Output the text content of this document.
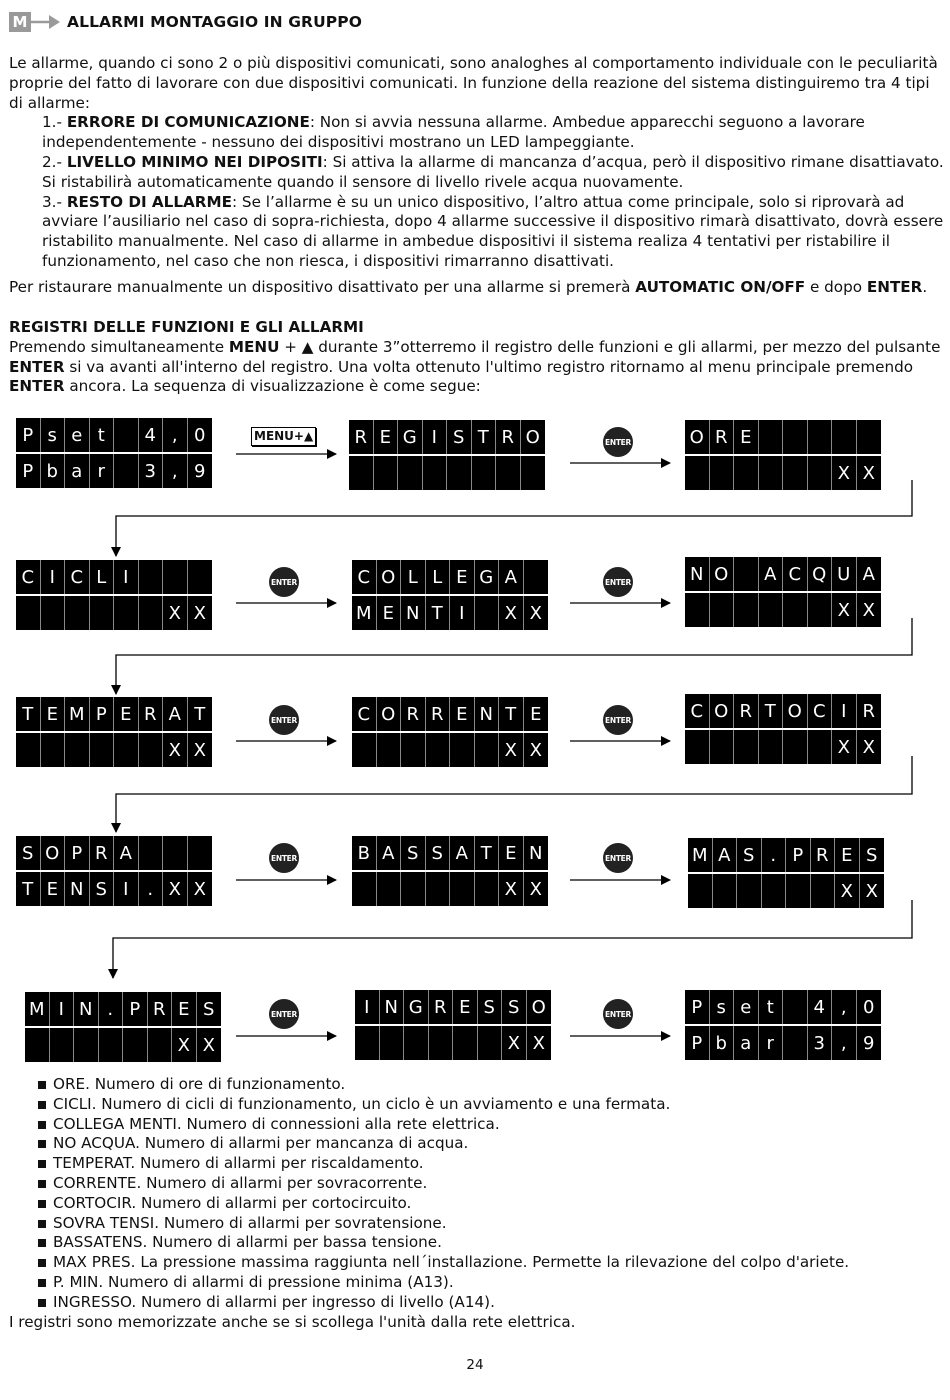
M	ALLARMI MONTAGGIO IN GRUPPO
Le allarme, quando ci sono 2 o più dispositivi comunicati, sono analoghes al comportamento individuale con le peculiarità proprie del fatto di lavorare con due dispositivi comunicati. In funzione della reazione del sistema distinguiremo tra 4 tipi di allarme:
1.- ERRORE DI COMUNICAZIONE: Non si avvia nessuna allarme. Ambedue apparecchi seguono a lavorare independentemente - nessuno dei dispositivi mostrano un LED lampeggiante.
2.- LIVELLO MINIMO NEI DIPOSITI: Si attiva la allarme di mancanza d’acqua, però il dispositivo rimane disattiavato. Si ristabilirà automaticamente quando il sensore di livello rivele acqua nuovamente.
3.- RESTO DI ALLARME: Se l’allarme è su un unico dispositivo, l’altro attua come principale, solo si riprovarà ad avviare l’ausiliario nel caso di sopra-richiesta, dopo 4 allarme successive il dispositivo rimarà disattivato, dovrà essere ristabilito manualmente. Nel caso di allarme in ambedue dispositivi il sistema realiza 4 tentativi per ristabilire il funzionamento, nel caso che non riesca, i dispositivi rimarranno disattivati.
Per ristaurare manualmente un dispositivo disattivato per una allarme si premerà AUTOMATIC ON/OFF e dopo ENTER.
REGISTRI DELLE FUNZIONI E GLI ALLARMI
Premendo simultaneamente MENU + ▲ durante 3”otterremo il registro delle funzioni e gli allarmi, per mezzo del pulsante ENTER si va avanti all'interno del registro. Una volta ottenuto l'ultimo registro ritornamo al menu principale premendo ENTER ancora. La sequenza di visualizzazione è come segue:
MENU+▲	ENTER
ENTER	ENTER
ENTER	ENTER
ENTER	ENTER
ENTER	ENTER
P s e t	4 , 0
P b a r	3 , 9
R E G I S T R O	O R E
X X
C I C L I
X X
C O L L E G A
M E N T I	X X
N O	A C Q U A
X X
T E M P E R A T
X X
C O R R E N T E
X X
C O R T O C I R
X X
S O P R A
T E N S I	. X X
B A S S A T E N
X X
M A S . P R E S
X X
M I N . P R E S
X X
I N G R E S S O
X X
P s e t	4 , 0
P b a r	3 , 9
ORE. Numero di ore di funzionamento.
CICLI. Numero di cicli di funzionamento, un ciclo è un avviamento e una fermata.
COLLEGA MENTI. Numero di connessioni alla rete elettrica.
NO ACQUA. Numero di allarmi per mancanza di acqua.
TEMPERAT. Numero di allarmi per riscaldamento.
CORRENTE. Numero di allarmi per sovracorrente.
CORTOCIR. Numero di allarmi per cortocircuito.
SOVRA TENSI. Numero di allarmi per sovratensione.
BASSATENS. Numero di allarmi per bassa tensione.
MAX PRES. La pressione massima raggiunta nell´installazione. Permette la rilevazione del colpo d'ariete.
P. MIN. Numero di allarmi di pressione minima (A13).
INGRESSO. Numero di allarmi per ingresso di livello (A14).
I registri sono memorizzate anche se si scollega l'unità dalla rete elettrica.
24
